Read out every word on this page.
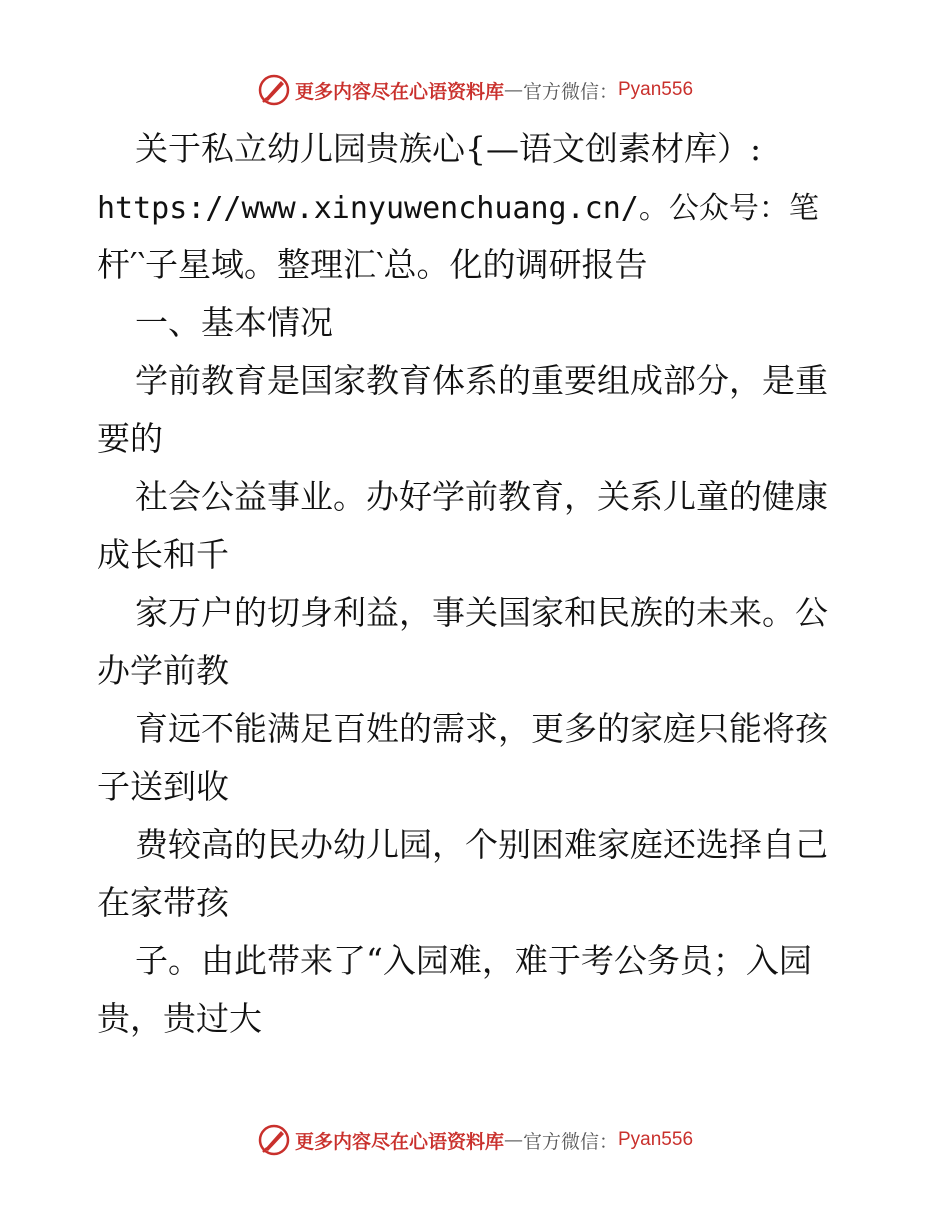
更多内容尽在心语资料库 — 官方微信： Pyan556
关于私立幼儿园贵族心{—语文创素材库）:
https://www.xinyuwenchuang.cn/。公众号：笔
杆′‵子星域。整理汇‵总。化的调研报告
一、基本情况
学前教育是国家教育体系的重要组成部分，是重
要的
社会公益事业。办好学前教育，关系儿童的健康
成长和千
家万户的切身利益，事关国家和民族的未来。公
办学前教
育远不能满足百姓的需求，更多的家庭只能将孩
子送到收
费较高的民办幼儿园，个别困难家庭还选择自己
在家带孩
子。由此带来了“入园难，难于考公务员；入园
贵，贵过大
更多内容尽在心语资料库 — 官方微信： Pyan556
